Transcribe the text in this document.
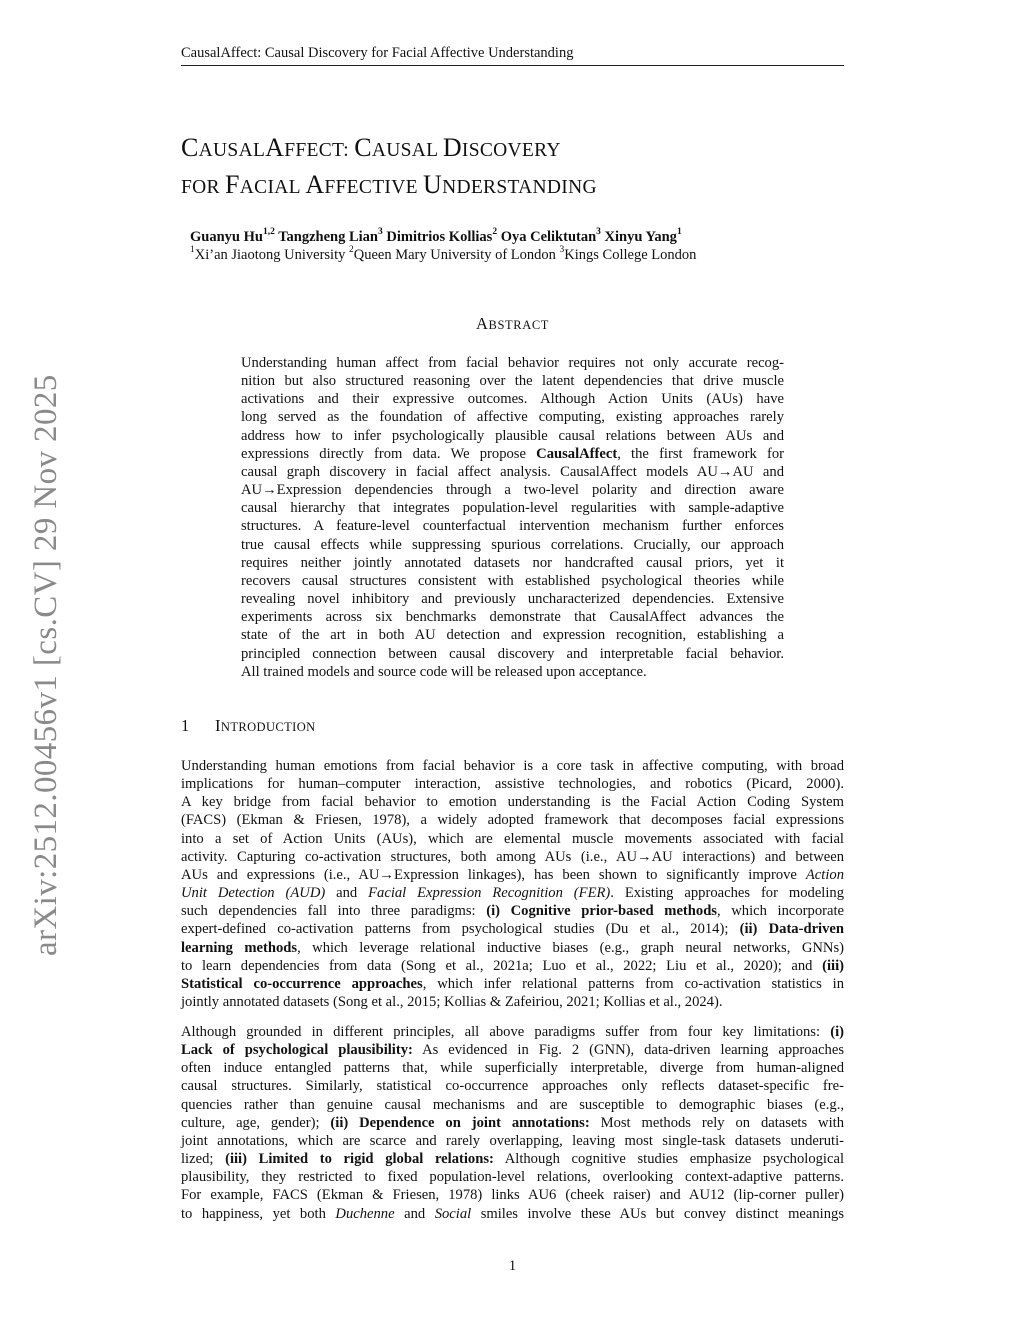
CausalAffect: Causal Discovery for Facial Affective Understanding
CAUSALAFFECT: CAUSAL DISCOVERY
FOR FACIAL AFFECTIVE UNDERSTANDING
Guanyu Hu$^{1,2}$ Tangzheng Lian$^3$ Dimitrios Kollias$^2$ Oya Celiktutan$^3$ Xinyu Yang$^1$
$^1$Xi’an Jiaotong University $^2$Queen Mary University of London $^3$Kings College London
ABSTRACT
Understanding human affect from facial behavior requires not only accurate recog-
nition but also structured reasoning over the latent dependencies that drive muscle
activations and their expressive outcomes. Although Action Units (AUs) have
long served as the foundation of affective computing, existing approaches rarely
address how to infer psychologically plausible causal relations between AUs and
expressions directly from data. We propose CausalAffect, the first framework for
causal graph discovery in facial affect analysis. CausalAffect models AU→AU and
AU→Expression dependencies through a two-level polarity and direction aware
causal hierarchy that integrates population-level regularities with sample-adaptive
structures. A feature-level counterfactual intervention mechanism further enforces
true causal effects while suppressing spurious correlations. Crucially, our approach
requires neither jointly annotated datasets nor handcrafted causal priors, yet it
recovers causal structures consistent with established psychological theories while
revealing novel inhibitory and previously uncharacterized dependencies. Extensive
experiments across six benchmarks demonstrate that CausalAffect advances the
state of the art in both AU detection and expression recognition, establishing a
principled connection between causal discovery and interpretable facial behavior.
All trained models and source code will be released upon acceptance.
1 INTRODUCTION
Understanding human emotions from facial behavior is a core task in affective computing, with broad
implications for human–computer interaction, assistive technologies, and robotics (Picard, 2000).
A key bridge from facial behavior to emotion understanding is the Facial Action Coding System
(FACS) (Ekman & Friesen, 1978), a widely adopted framework that decomposes facial expressions
into a set of Action Units (AUs), which are elemental muscle movements associated with facial
activity. Capturing co-activation structures, both among AUs (i.e., AU→AU interactions) and between
AUs and expressions (i.e., AU→Expression linkages), has been shown to significantly improve Action
Unit Detection (AUD) and Facial Expression Recognition (FER). Existing approaches for modeling
such dependencies fall into three paradigms: (i) Cognitive prior-based methods, which incorporate
expert-defined co-activation patterns from psychological studies (Du et al., 2014); (ii) Data-driven
learning methods, which leverage relational inductive biases (e.g., graph neural networks, GNNs)
to learn dependencies from data (Song et al., 2021a; Luo et al., 2022; Liu et al., 2020); and (iii)
Statistical co-occurrence approaches, which infer relational patterns from co-activation statistics in
jointly annotated datasets (Song et al., 2015; Kollias & Zafeiriou, 2021; Kollias et al., 2024).
Although grounded in different principles, all above paradigms suffer from four key limitations: (i)
Lack of psychological plausibility: As evidenced in Fig. 2 (GNN), data-driven learning approaches
often induce entangled patterns that, while superficially interpretable, diverge from human-aligned
causal structures. Similarly, statistical co-occurrence approaches only reflects dataset-specific fre-
quencies rather than genuine causal mechanisms and are susceptible to demographic biases (e.g.,
culture, age, gender); (ii) Dependence on joint annotations: Most methods rely on datasets with
joint annotations, which are scarce and rarely overlapping, leaving most single-task datasets underuti-
lized; (iii) Limited to rigid global relations: Although cognitive studies emphasize psychological
plausibility, they restricted to fixed population-level relations, overlooking context-adaptive patterns.
For example, FACS (Ekman & Friesen, 1978) links AU6 (cheek raiser) and AU12 (lip-corner puller)
to happiness, yet both Duchenne and Social smiles involve these AUs but convey distinct meanings
1
arXiv:2512.00456v1 [cs.CV] 29 Nov 2025
